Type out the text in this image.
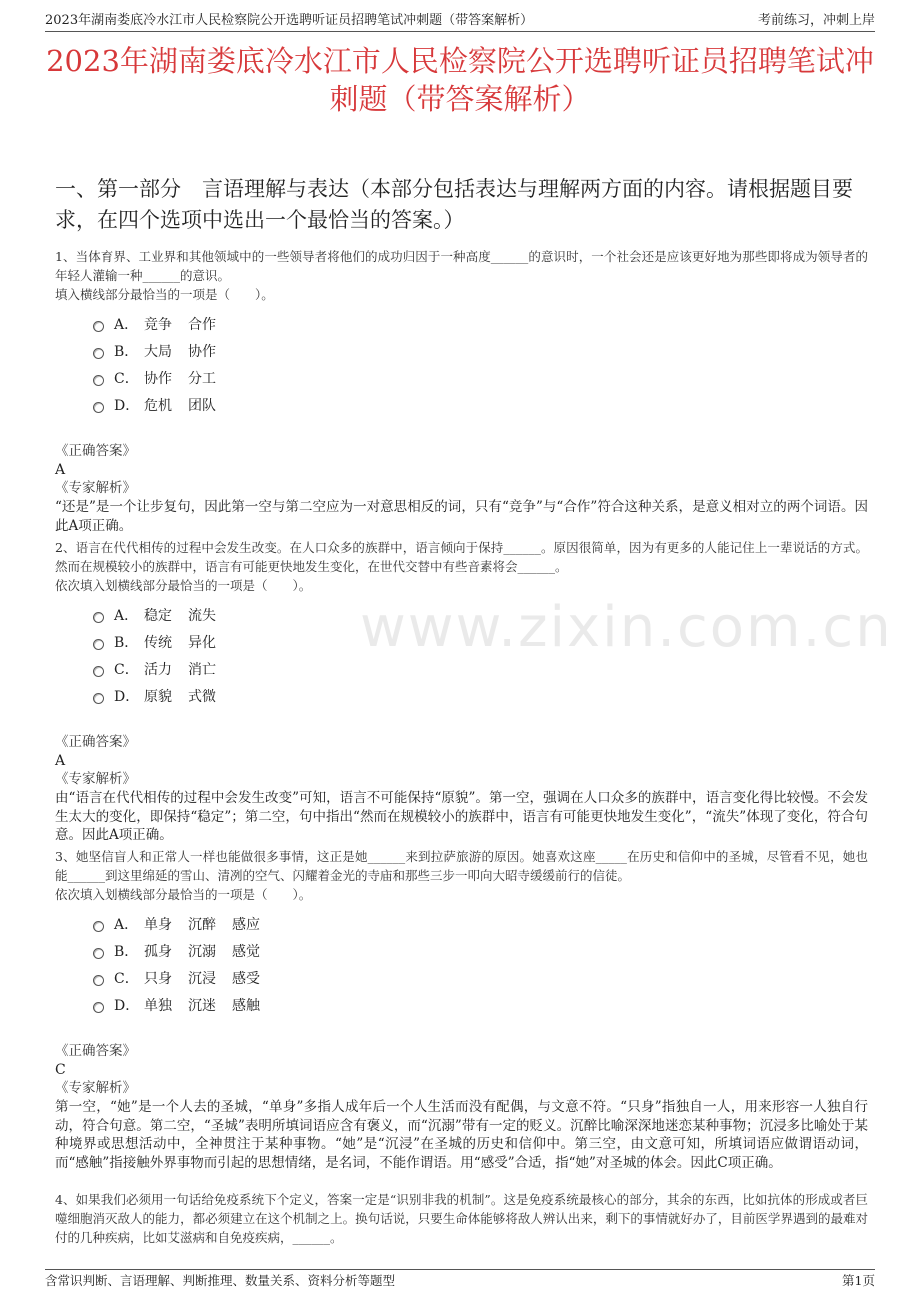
2023年湖南娄底冷水江市人民检察院公开选聘听证员招聘笔试冲刺题（带答案解析）	考前练习，冲刺上岸
2023年湖南娄底冷水江市人民检察院公开选聘听证员招聘笔试冲刺题（带答案解析）
一、第一部分　言语理解与表达（本部分包括表达与理解两方面的内容。请根据题目要求，在四个选项中选出一个最恰当的答案。）
www.zixin.com.cn
1、当体育界、工业界和其他领域中的一些领导者将他们的成功归因于一种高度______的意识时，一个社会还是应该更好地为那些即将成为领导者的年轻人灌输一种______的意识。
填入横线部分最恰当的一项是（　　）。
A． 竞争	合作
B． 大局	协作
C． 协作	分工
D． 危机	团队
《正确答案》
A
《专家解析》
“还是”是一个让步复句，因此第一空与第二空应为一对意思相反的词，只有“竞争”与“合作”符合这种关系，是意义相对立的两个词语。因此A项正确。
2、语言在代代相传的过程中会发生改变。在人口众多的族群中，语言倾向于保持______。原因很简单，因为有更多的人能记住上一辈说话的方式。然而在规模较小的族群中，语言有可能更快地发生变化，在世代交替中有些音素将会______。
依次填入划横线部分最恰当的一项是（　　）。
A． 稳定	流失
B． 传统	异化
C． 活力	消亡
D． 原貌	式微
《正确答案》
A
《专家解析》
由“语言在代代相传的过程中会发生改变”可知，语言不可能保持“原貌”。第一空，强调在人口众多的族群中，语言变化得比较慢。不会发生太大的变化，即保持“稳定”；第二空，句中指出“然而在规模较小的族群中，语言有可能更快地发生变化”，“流失”体现了变化，符合句意。因此A项正确。
3、她坚信盲人和正常人一样也能做很多事情，这正是她______来到拉萨旅游的原因。她喜欢这座_____在历史和信仰中的圣城，尽管看不见，她也能______到这里绵延的雪山、清冽的空气、闪耀着金光的寺庙和那些三步一叩向大昭寺缓缓前行的信徒。
依次填入划横线部分最恰当的一项是（　　）。
A． 单身	沉醉	感应
B． 孤身	沉溺	感觉
C． 只身	沉浸	感受
D． 单独	沉迷	感触
《正确答案》
C
《专家解析》
第一空，“她”是一个人去的圣城，“单身”多指人成年后一个人生活而没有配偶，与文意不符。“只身”指独自一人，用来形容一人独自行动，符合句意。第二空，“圣城”表明所填词语应含有褒义，而“沉溺”带有一定的贬义。沉醉比喻深深地迷恋某种事物；沉浸多比喻处于某种境界或思想活动中，全神贯注于某种事物。“她”是“沉浸”在圣城的历史和信仰中。第三空，由文意可知，所填词语应做谓语动词，而“感触”指接触外界事物而引起的思想情绪，是名词，不能作谓语。用“感受”合适，指“她”对圣城的体会。因此C项正确。
4、如果我们必须用一句话给免疫系统下个定义，答案一定是“识别非我的机制”。这是免疫系统最核心的部分，其余的东西，比如抗体的形成或者巨噬细胞消灭敌人的能力，都必须建立在这个机制之上。换句话说，只要生命体能够将敌人辨认出来，剩下的事情就好办了，目前医学界遇到的最难对付的几种疾病，比如艾滋病和自免疫疾病，______。
含常识判断、言语理解、判断推理、数量关系、资料分析等题型	第1页
